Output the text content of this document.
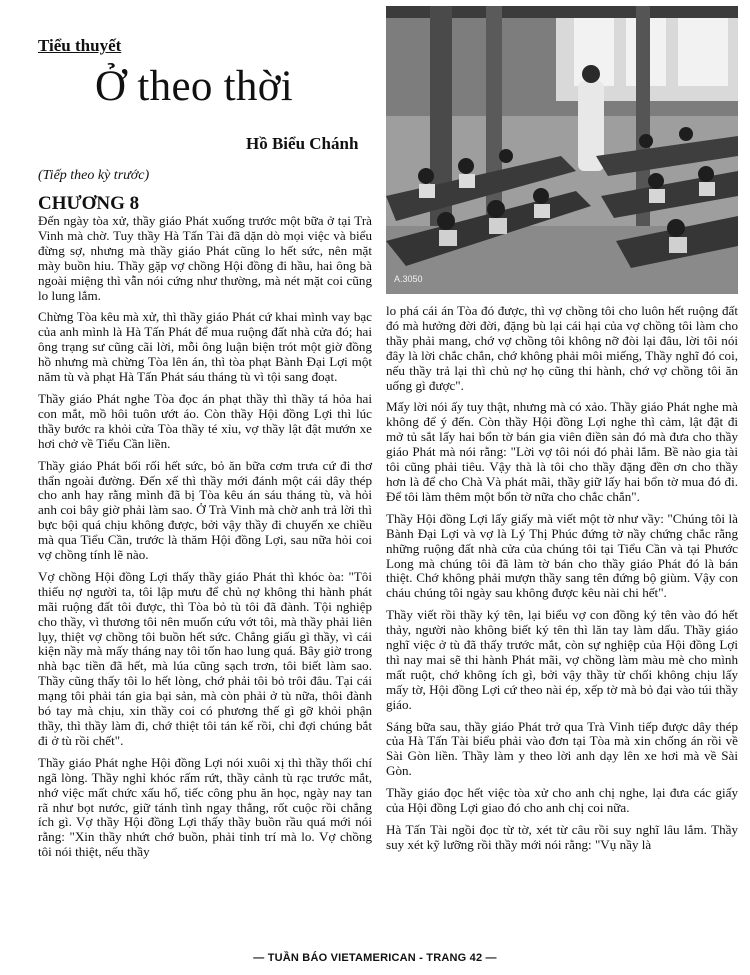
Tiểu thuyết
Ở theo thời
Hồ Biểu Chánh
(Tiếp theo kỳ trước)
CHƯƠNG 8
A.3050

Đến ngày tòa xử, thầy giáo Phát xuống trước một bữa ở tại Trà Vinh mà chờ. Tuy thầy Hà Tấn Tài đã dặn dò mọi việc và biểu đừng sợ, nhưng mà thầy giáo Phát cũng lo hết sức, nên mặt mày buồn hiu. Thầy gặp vợ chồng Hội đồng đi hầu, hai ông bà ngoài miệng thì vẫn nói cứng như thường, mà nét mặt coi cũng lo lung lắm.

Chừng Tòa kêu mà xử, thì thầy giáo Phát cứ khai mình vay bạc của anh mình là Hà Tấn Phát để mua ruộng đất nhà cửa đó; hai ông trạng sư cũng cãi lời, mỗi ông luận biện trót một giờ đồng hồ nhưng mà chừng Tòa lên án, thì tòa phạt Bành Đại Lợi một năm tù và phạt Hà Tấn Phát sáu tháng tù vì tội sang đoạt.

Thầy giáo Phát nghe Tòa đọc án phạt thầy thì thầy tá hỏa hai con mắt, mồ hôi tuôn ướt áo. Còn thầy Hội đồng Lợi thì lúc thầy bước ra khỏi cửa Tòa thầy té xỉu, vợ thầy lật đật mướn xe hơi chở về Tiểu Cần liền.

Thầy giáo Phát bối rối hết sức, bỏ ăn bữa cơm trưa cứ đi thơ thẩn ngoài đường. Đến xế thì thầy mới đánh một cái dây thép cho anh hay rằng mình đã bị Tòa kêu án sáu tháng tù, và hỏi anh coi bây giờ phải làm sao. Ở Trà Vinh mà chờ anh trả lời thì bực bội quá chịu không được, bởi vậy thầy đi chuyến xe chiều mà qua Tiểu Cần, trước là thăm Hội đồng Lợi, sau nữa hỏi coi vợ chồng tính lẽ nào.

Vợ chồng Hội đồng Lợi thấy thầy giáo Phát thì khóc òa: "Tôi thiếu nợ người ta, tôi lập mưu để chủ nợ không thi hành phát mãi ruộng đất tôi được, thì Tòa bỏ tù tôi đã đành. Tội nghiệp cho thầy, vì thương tôi nên muốn cứu vớt tôi, mà thầy phải liên lụy, thiệt vợ chồng tôi buồn hết sức. Chẳng giấu gì thầy, vì cái kiện nầy mà mấy tháng nay tôi tốn hao lung quá. Bây giờ trong nhà bạc tiền đã hết, mà lúa cũng sạch trơn, tôi biết làm sao. Thầy cũng thấy tôi lo hết lòng, chớ phải tôi bỏ trôi đâu. Tại cái mạng tôi phải tán gia bại sản, mà còn phải ở tù nữa, thôi đành bó tay mà chịu, xin thầy coi có phương thế gì gỡ khỏi phận thầy, thì thầy làm đi, chớ thiệt tôi tán kế rồi, chỉ đợi chúng bắt đi ở tù rồi chết".

Thầy giáo Phát nghe Hội đồng Lợi nói xuôi xị thì thầy thối chí ngã lòng. Thầy nghỉ khóc rấm rứt, thầy cảnh tù rạc trước mắt, nhớ việc mất chức xấu hổ, tiếc công phu ăn học, ngày nay tan rã như bọt nước, giữ tánh tình ngay thẳng, rốt cuộc rồi chẳng ích gì. Vợ thầy Hội đồng Lợi thấy thầy buồn rầu quá mới nói rằng: "Xin thầy nhứt chớ buồn, phải tỉnh trí mà lo. Vợ chồng tôi nói thiệt, nếu thầy

lo phá cái án Tòa đó được, thì vợ chồng tôi cho luôn hết ruộng đất đó mà hưởng đời đời, đặng bù lại cái hại của vợ chồng tôi làm cho thầy phải mang, chớ vợ chồng tôi không nỡ đòi lại đâu, lời tôi nói đây là lời chắc chắn, chớ không phải môi miếng, Thầy nghĩ đó coi, nếu thầy trả lại thì chủ nợ họ cũng thi hành, chớ vợ chồng tôi ăn uống gì được".

Mấy lời nói ấy tuy thật, nhưng mà có xảo. Thầy giáo Phát nghe mà không để ý đến. Còn thầy Hội đồng Lợi nghe thì cảm, lật đật đi mở tủ sắt lấy hai bổn tờ bán gia viên điền sản đó mà đưa cho thầy giáo Phát mà nói rằng: "Lời vợ tôi nói đó phải lắm. Bề nào gia tài tôi cũng phải tiêu. Vậy thà là tôi cho thầy đặng đền ơn cho thầy hơn là để cho Chà Và phát mãi, thầy giữ lấy hai bổn tờ mua đó đi. Để tôi làm thêm một bổn tờ nữa cho chắc chắn".

Thầy Hội đồng Lợi lấy giấy mà viết một tờ như vầy: "Chúng tôi là Bành Đại Lợi và vợ là Lý Thị Phúc đứng tờ nầy chứng chắc rằng những ruộng đất nhà cửa của chúng tôi tại Tiểu Cần và tại Phước Long mà chúng tôi đã làm tờ bán cho thầy giáo Phát đó là bán thiệt. Chớ không phải mượn thầy sang tên đứng bộ giùm. Vậy con cháu chúng tôi ngày sau không được kêu nài chi hết".

Thầy viết rồi thầy ký tên, lại biểu vợ con đồng ký tên vào đó hết thảy, người nào không biết ký tên thì lăn tay làm dấu. Thầy giáo nghĩ việc ở tù đã thấy trước mắt, còn sự nghiệp của Hội đồng Lợi thì nay mai sẽ thi hành Phát mãi, vợ chồng làm màu mè cho mình mất ruột, chớ không ích gì, bởi vậy thầy từ chối không chịu lấy mấy tờ, Hội đồng Lợi cứ theo nài ép, xếp tờ mà bỏ đại vào túi thầy giáo.

Sáng bữa sau, thầy giáo Phát trở qua Trà Vinh tiếp được dây thép của Hà Tấn Tài biểu phải vào đơn tại Tòa mà xin chống án rồi về Sài Gòn liền. Thầy làm y theo lời anh dạy lên xe hơi mà về Sài Gòn.

Thầy giáo đọc hết việc tòa xử cho anh chị nghe, lại đưa các giấy của Hội đồng Lợi giao đó cho anh chị coi nữa.

Hà Tấn Tài ngồi đọc từ tờ, xét từ câu rồi suy nghĩ lâu lắm. Thầy suy xét kỹ lưỡng rồi thầy mới nói rằng: "Vụ nầy là

— TUẦN BÁO VIETAMERICAN - TRANG 42 —
